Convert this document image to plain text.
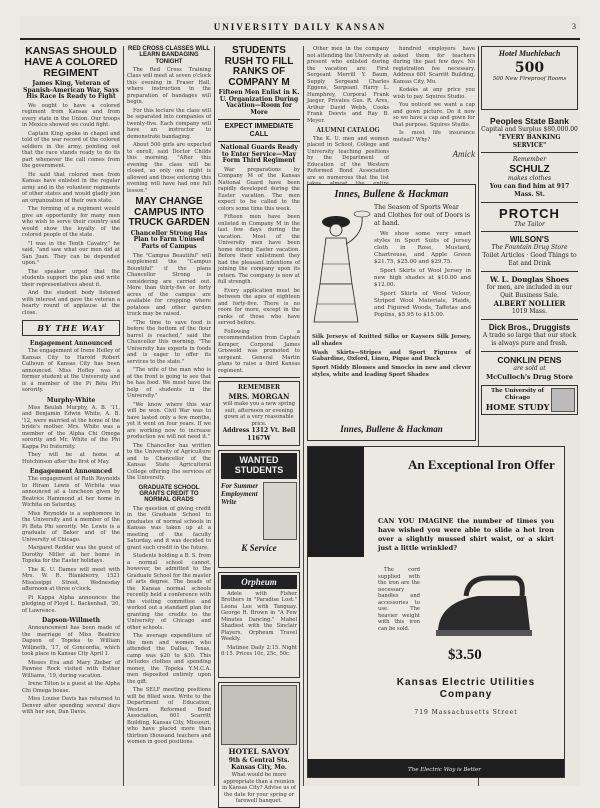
UNIVERSITY DAILY KANSAN	3
KANSAS SHOULD HAVE A COLORED REGIMENT
James King, Veteran of Spanish-American War, Says His Race Is Ready to Fight

We ought to have a colored regiment from Kansas and from every state in the Union. Our troops in Mexico showed we could fight.

Captain King spoke in chapel and told of the war record of the colored soldiers in the army, pointing out that the race stands ready to do its part whenever the call comes from the government.

He said that colored men from Kansas have enlisted in the regular army and in the volunteer regiments of other states and would gladly join an organization of their own state.

The forming of a regiment would give an opportunity for many men who wish to serve their country and would show the loyalty of the colored people of the state.

"I was in the Tenth Cavalry," he said, "and saw what our men did at San Juan. They can be depended upon."

The speaker urged that the students support the plan and write their representatives about it.

And the student body listened with interest and gave the veteran a hearty round of applause at the close.

BY THE WAY
Engagement Announced

The engagement of Irene Hefley of Kansas City to Harold Robert Calhoun of Kansas City has been announced. Miss Hefley was a former student at the University and is a member of the Pi Beta Phi sorority.

Murphy-White

Miss Beulah Murphy, A. B. '11, and Benjamin Edwin White, A. B. '12, were married at the home of the bride's mother. Mrs. White was a member of the Alpha Chi Omega sorority and Mr. White of the Phi Kappa Psi fraternity.

They will be at home at Hutchinson after the first of May.

Engagement Announced

The engagement of Ruth Reynolds to Hiram Lewis of Wichita was announced at a luncheon given by Beatrice Hammond at her home in Wichita on Saturday.

Miss Reynolds is a sophomore in the University and a member of the Pi Beta Phi sorority. Mr. Lewis is a graduate of Baker and of the University of Chicago.

Margaret Redder was the guest of Dorothy Miller at her home in Topeka for the Easter holidays.

The K. U. Dames will meet with Mrs. W. R. Blankberry, 1521 Mississippi Street, Wednesday afternoon at three o'clock.

Pi Kappa Alpha announces the pledging of Floyd L. Backenhall, '20, of Lawrence.

Dapson-Willmeth

Announcement has been made of the marriage of Miss Beatrice Dapson of Topeka to William Willmeth, '17, of Concordia, which took place in Kansas City April 1.

Misses Eva and Mary Zieber of Pawnee Rock visited with Esther Williams, '19, during vacation.

Irene Tilton is a guest at the Alpha Chi Omega house.

Miss Louise Davis has returned to Denver after spending several days with her son, Dan Davis.

RED CROSS CLASSES WILL LEARN BANDAGING TONIGHT

The Red Cross Training Class will meet at seven o'clock this evening in Fraser Hall, where instruction in the preparation of bandages will begin.

For this lecture the class will be separated into companies of twenty-five. Each company will have an instructor to demonstrate bandaging.

About 500 girls are expected to enroll, said Doctor Childs this morning. "After this evening the class will be closed, so only one night is allowed and those entering this evening will have had one full lesson."

MAY CHANGE CAMPUS INTO TRUCK GARDEN
Chancellor Strong Has Plan to Farm Unused Parts of Campus

The "Campus Beautiful" will supplement the "Campus Bountiful" if the plans Chancellor Strong is considering are carried out. More than thirty-five or forty acres of the campus are available for cropping where potatoes and other garden truck may be raised.

"The time to save food is before the bottom of the flour barrel is reached," said the Chancellor this morning. "The University has experts in foods and is eager to offer its services to the state."

"The wife of the man who is at the front is going to see that he has food. We must have the help of students in the University."

"We know where this war will be won. Civil War was to have lasted only a few months, yet it went on four years. If we are working now to increase production we will not need it."

The Chancellor has written to the University of Agriculture and to Chancellor of the Kansas State Agricultural College offering the services of the University.

GRADUATE SCHOOL GRANTS CREDIT TO NORMAL GRADS

The question of giving credit in the Graduate School to graduates of normal schools in Kansas was taken up at a meeting of the faculty Saturday, and it was decided to grant such credit in the future.

Students holding a B. S. from a normal school cannot, however, be admitted to the Graduate School for the master of arts degree. The heads of the Kansas normal schools recently held a conference with the visiting committee and worked out a standard plan for granting the credits to the University of Chicago and other schools.

The average expenditure of the men and women who attended the Dallas, Texas, camp was $20 to $30. This includes clothes and spending money, the Topeka Y.M.C.A. men deposited entirely upon the gift.

The SELF meeting positions will be filled soon. Write to the Department of Education, Western Reformed Bond Association, 601 Scarritt Building, Kansas City, Missouri, who have placed more than thirteen thousand teachers and women in good positions.

STUDENTS RUSH TO FILL RANKS OF COMPANY M
Fifteen Men Enlist in K. U. Organization During Vacation—Room for More
EXPECT IMMEDIATE CALL
National Guards Ready to Enter Service—May Form Third Regiment

War preparations by Company M of the Kansas National Guard have been rapidly developed during the Easter vacation. The men expect to be called to the colors some time this week.

Fifteen men have been enlisted in Company M in the last few days during the vacation. Most of the University men have been home during Easter vacation. Before their enlistment they had the pleasant intentions of joining the company upon its return. The company is now at full strength.

Every application must be between the ages of eighteen and forty-five. There is no room for more, except in the ranks of those who have served before.

Following a recommendation from Captain Kemper, Corporal James Griswold was promoted to sergeant. General Martin plans to raise a third Kansas regiment.

REMEMBER
MRS. MORGAN
will make you a new spring suit, afternoon or evening gown at a very reasonable price.
Address 1312 Vt. Bell 1167W
WANTED STUDENTS
For Summer Employment Write
K Service
Orpheum

Adele with Fisher Brothers in "Paradise Lost." Leona Lee with Tanguay. George R. Brown in "A Few Minutes Dancing." Mabel Shadiest with the Sinclair Players. Orpheum Travel Weekly.

Matinee Daily 2:15. Night 8:15. Prices 10c, 25c, 50c.

HOTEL SAVOY
9th & Central Sts. Kansas City, Mo.
What would be more appropriate than a reunion in Kansas City? Advise us of the date for your spring or farewell banquet.

Other men in the company not attending the University at present who enlisted during the vacation are: First Sergeant Merrill Y. Baum, Supply Sergeant Charles Eggens, Sergeant Harry L. Humphrey, Corporal Frank Jaeger, Privates Gus. R. Ares, Arthur David Webb, Cooks Frank Deevis and Ray B. Meyer.

ALUMNI CATALOG

The K. U. men and women placed in School, College and University teaching positions by the Department of Education of the Western Reformed Bond Association are so numerous that the list

hundred employers have asked them for teachers during the past few days. No registration fee necessary. Address 601 Scarritt Building, Kansas City, Mo.

Kodaks at any price you wish to pay. Squires Studio.

You noticed we want a cap and gown picture. Do it now so we have a cap and gown for that purpose. Squires Studio.

Is most life insurance mutual? Why?

Amick
Innes, Bullene & Hackman
The Season of Sports Wear and Clothes for out of Doors is at hand.

We show some very smart styles in Sport Suits of Jersey cloth in Rose, Mustard, Chartreuse, and Apple Green $21.75, $25.00 and $29.75.

Sport Skirts of Wool Jersey in new high shades at $10.00 and $12.00.

Sport Skirts of Wool Velour, Striped Wool Materials, Plaids, and Figured Woods, Taffetas and Poplins, $5.95 to $15.00.

Silk Jerseys of Knitted Silks or Kaysers Silk Jersey, all shades
Wash Skirts—Stripes and Sport Figures of Gabardine, Oxford, Linen, Pique and Duck
Sport Middy Blouses and Smocks in new and clever styles, white and leading Sport Shades
Innes, Bullene & Hackman
An Exceptional Iron Offer
CAN YOU IMAGINE the number of times you have wished you were able to slide a hot iron over a slightly mussed shirt waist, or a skirt just a little wrinkled?

The cord supplied with the iron are the necessary handles and accessories to use. The heavier weight with this iron can be sold.

$3.50
Kansas Electric Utilities Company
719 Massachusetts Street
The Electric Way is Better
Hotel Muehlebach
500
500 New Fireproof Rooms
Peoples State Bank
Capital and Surplus $80,000.00
"EVERY BANKING SERVICE"
Remember
SCHULZ
makes clothes
You can find him at 917 Mass. St.
PROTCH
The Tailor
WILSON'S
The Fountain Drug Store
Toilet Articles · Good Things to Eat and Drink
W. L. Douglas Shoes
for men, are included in our Quit Business Sale.
ALBERT NOLLIER
1019 Mass.
Dick Bros., Druggists
A trade so large that our stock is always pure and fresh.
CONKLIN PENS
are sold at
McCulloch's Drug Store
The University of Chicago
HOME STUDY
